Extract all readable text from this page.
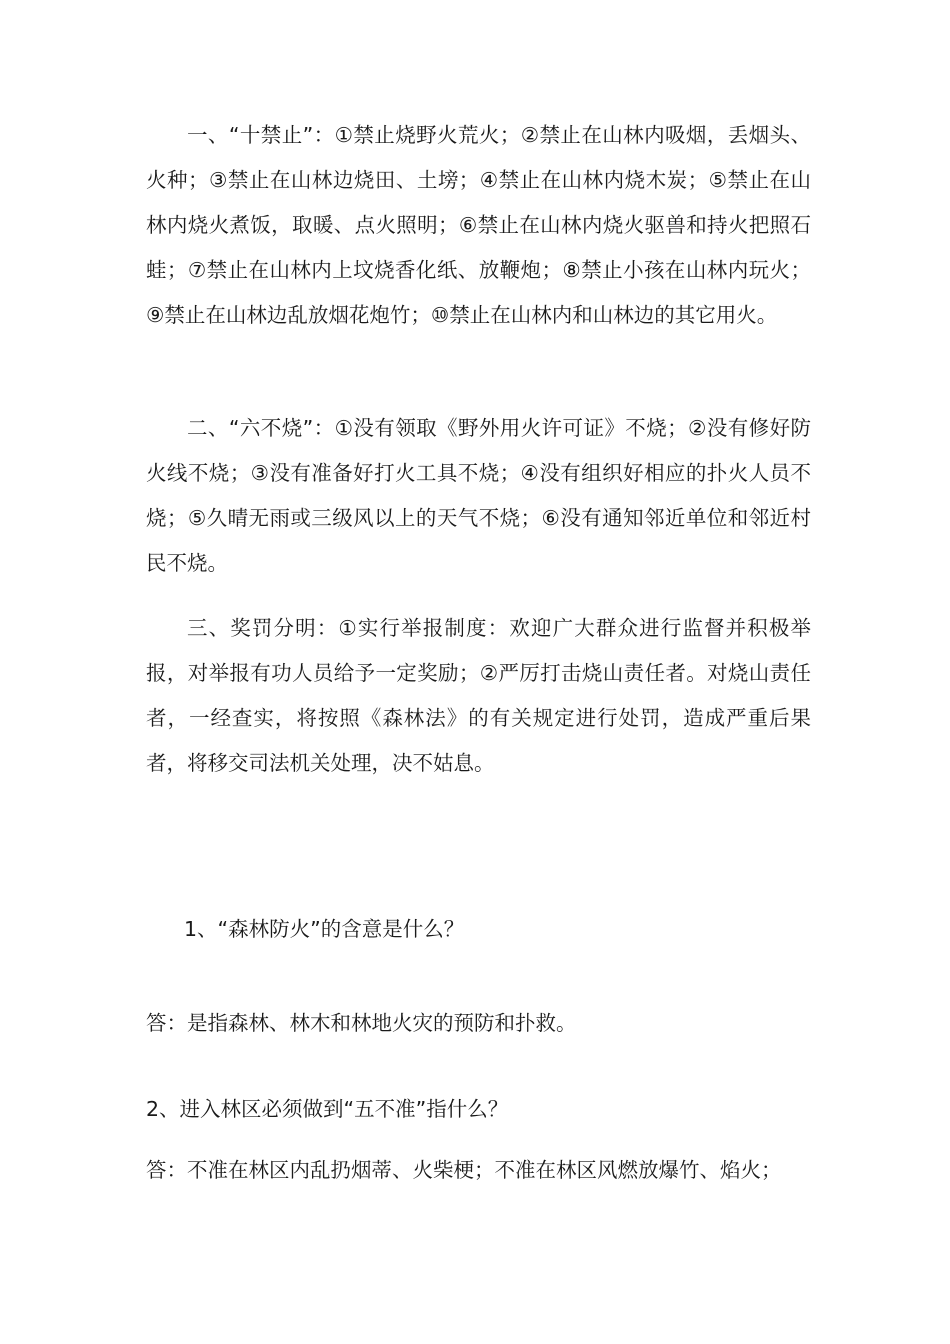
一、“十禁止”：①禁止烧野火荒火；②禁止在山林内吸烟，丢烟头、火种；③禁止在山林边烧田、土塝；④禁止在山林内烧木炭；⑤禁止在山林内烧火煮饭，取暖、点火照明；⑥禁止在山林内烧火驱兽和持火把照石蛙；⑦禁止在山林内上坟烧香化纸、放鞭炮；⑧禁止小孩在山林内玩火；⑨禁止在山林边乱放烟花炮竹；⑩禁止在山林内和山林边的其它用火。

二、“六不烧”：①没有领取《野外用火许可证》不烧；②没有修好防火线不烧；③没有准备好打火工具不烧；④没有组织好相应的扑火人员不烧；⑤久晴无雨或三级风以上的天气不烧；⑥没有通知邻近单位和邻近村民不烧。

三、奖罚分明：①实行举报制度：欢迎广大群众进行监督并积极举报，对举报有功人员给予一定奖励；②严厉打击烧山责任者。对烧山责任者，一经查实，将按照《森林法》的有关规定进行处罚，造成严重后果者，将移交司法机关处理，决不姑息。

1、“森林防火”的含意是什么？

答：是指森林、林木和林地火灾的预防和扑救。

2、进入林区必须做到“五不准”指什么？

答：不准在林区内乱扔烟蒂、火柴梗；不准在林区风燃放爆竹、焰火；
